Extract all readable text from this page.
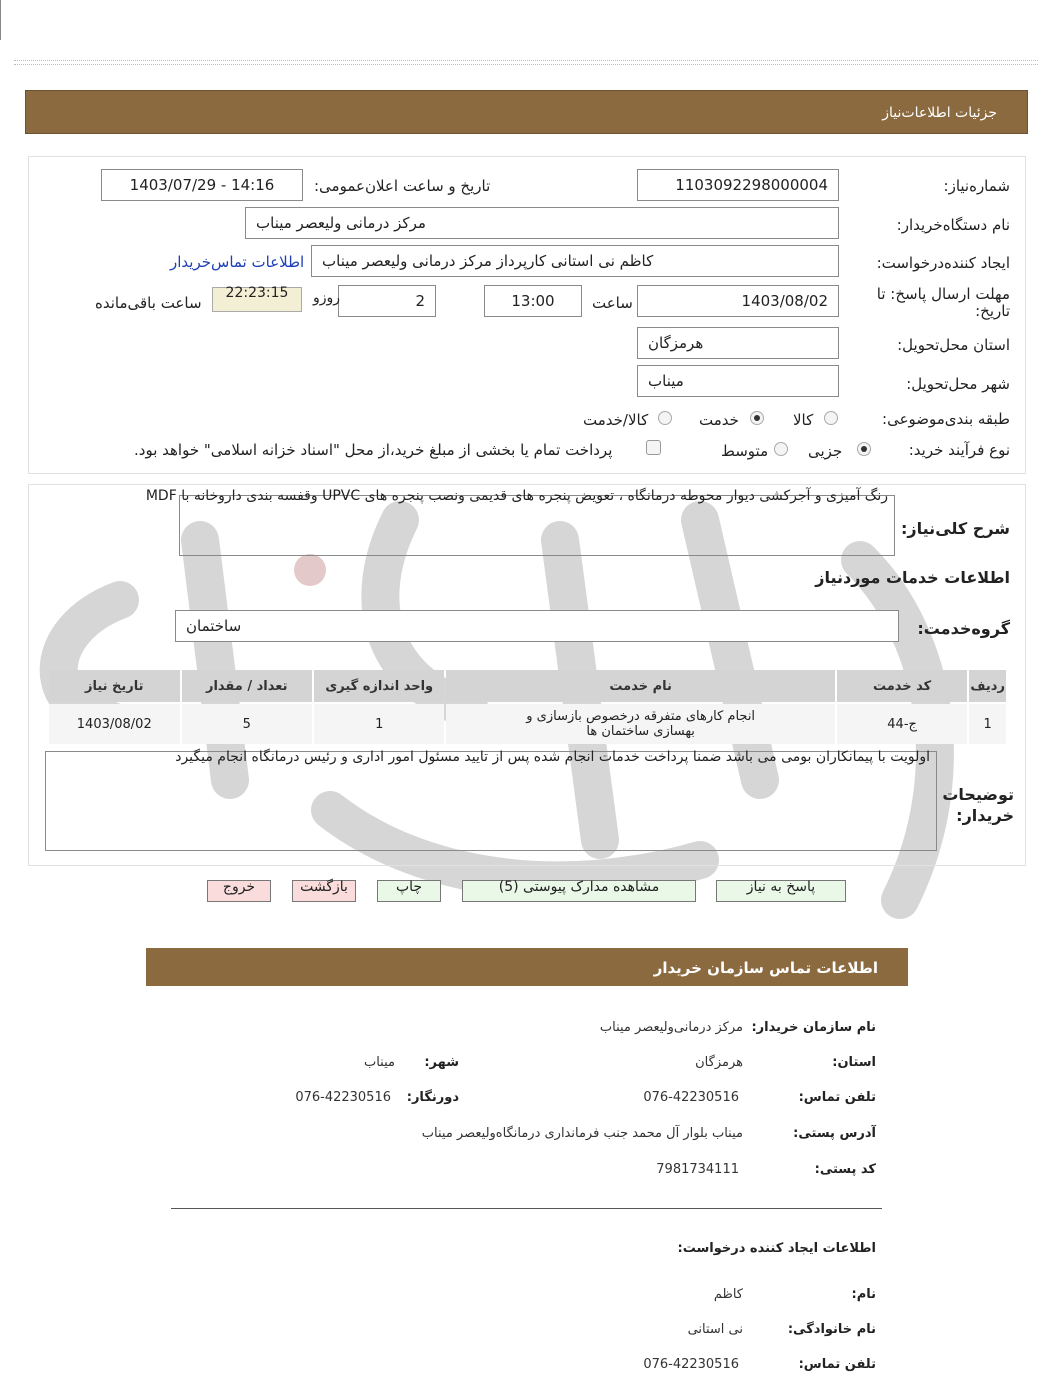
جزئیات اطلاعات‌نیاز
شماره‌نیاز:
1103092298000004
تاریخ و ساعت اعلان‌عمومی:
1403/07/29 - 14:16
نام دستگاه‌خریدار:
مرکز درمانی ولیعصر میناب
ایجاد کننده‌درخواست:
کاظم نی استانی کارپرداز مرکز درمانی ولیعصر میناب
اطلاعات تماس‌خریدار
مهلت ارسال پاسخ: تا تاریخ:
1403/08/02
ساعت
13:00
2
روزو
22:23:15
ساعت باقی‌مانده
استان محل‌تحویل:
هرمزگان
شهر محل‌تحویل:
میناب
طبقه بندی‌موضوعی:
کالا
خدمت
کالا/خدمت
نوع فرآیند خرید:
جزیی
متوسط
پرداخت تمام یا بخشی از مبلغ خرید،از محل "اسناد خزانه اسلامی" خواهد بود.
شرح کلی‌نیاز:
رنگ آمیزی و آجرکشی دیوار محوطه درمانگاه ، تعویض پنجره های قدیمی ونصب پنجره های UPVC وقفسه بندی داروخانه با MDF
اطلاعات خدمات موردنیاز
گروه‌خدمت:
ساختمان
ردیف	کد خدمت	نام خدمت	واحد اندازه گیری	تعداد / مقدار	تاریخ نیاز
1	ج-44	انجام کارهای متفرقه درخصوص بازسازی و بهسازی ساختمان ها	1	5	1403/08/02
توضیحات خریدار:
اولویت با پیمانکاران بومی می باشد ضمنا پرداخت خدمات انجام شده پس از تایید مسئول امور اداری و رئیس درمانگاه انجام میگیرد
پاسخ به نیاز
مشاهده مدارک پیوستی (5)
چاپ
بازگشت
خروج
اطلاعات تماس سازمان خریدار
نام سازمان خریدار:
مرکز درمانی‌ولیعصر میناب
استان:
هرمزگان
شهر:
میناب
تلفن تماس:
076-42230516
دورنگار:
076-42230516
آدرس پستی:
میناب بلوار آل محمد جنب فرمانداری درمانگاه‌ولیعصر میناب
کد پستی:
7981734111
اطلاعات ایجاد کننده درخواست:
نام:
کاظم
نام خانوادگی:
نی استانی
تلفن تماس:
076-42230516
